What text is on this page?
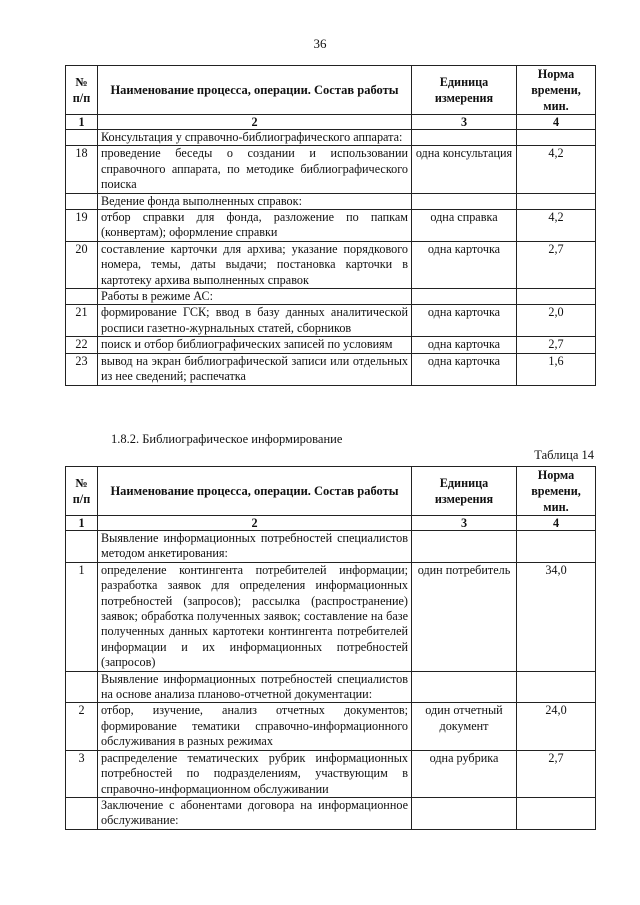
36
№ п/п	Наименование процесса, операции. Состав работы	Единица измерения	Норма времени, мин.
1	2	3	4
	Консультация у справочно-библиографического аппарата:		
18	проведение беседы о создании и использовании справочного аппарата, по методике библиографического поиска	одна консультация	4,2
	Ведение фонда выполненных справок:		
19	отбор справки для фонда, разложение по папкам (конвертам); оформление справки	одна справка	4,2
20	составление карточки для архива; указание порядкового номера, темы, даты выдачи; постановка карточки в картотеку архива выполненных справок	одна карточка	2,7
	Работы в режиме АС:		
21	формирование ГСК; ввод в базу данных аналитической росписи газетно-журнальных статей, сборников	одна карточка	2,0
22	поиск и отбор библиографических записей по условиям	одна карточка	2,7
23	вывод на экран библиографической записи или отдельных из нее сведений; распечатка	одна карточка	1,6
1.8.2. Библиографическое информирование
Таблица 14
№ п/п	Наименование процесса, операции. Состав работы	Единица измерения	Норма времени, мин.
1	2	3	4
	Выявление информационных потребностей специалистов методом анкетирования:		
1	определение контингента потребителей информации; разработка заявок для определения информационных потребностей (запросов); рассылка (распространение) заявок; обработка полученных заявок; составление на базе полученных данных картотеки контингента потребителей информации и их информационных потребностей (запросов)	один потребитель	34,0
	Выявление информационных потребностей специалистов на основе анализа планово-отчетной документации:		
2	отбор, изучение, анализ отчетных документов; формирование тематики справочно-информационного обслуживания в разных режимах	один отчетный документ	24,0
3	распределение тематических рубрик информационных потребностей по подразделениям, участвующим в справочно-информационном обслуживании	одна рубрика	2,7
	Заключение с абонентами договора на информационное обслуживание:		
